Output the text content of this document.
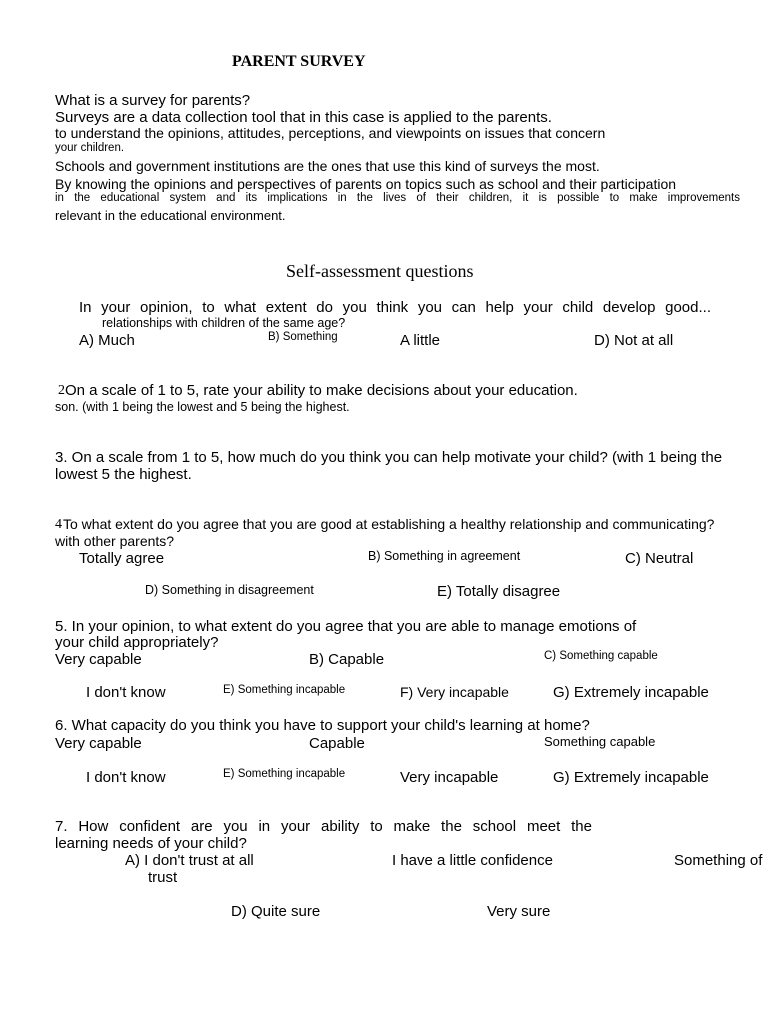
PARENT SURVEY
What is a survey for parents?
Surveys are a data collection tool that in this case is applied to the parents.
to understand the opinions, attitudes, perceptions, and viewpoints on issues that concern
your children.
Schools and government institutions are the ones that use this kind of surveys the most.
By knowing the opinions and perspectives of parents on topics such as school and their participation
in the educational system and its implications in the lives of their children, it is possible to make improvements
relevant in the educational environment.
Self-assessment questions
In your opinion, to what extent do you think you can help your child develop good...
relationships with children of the same age?
A) Much	B) Something	A little	D) Not at all
2 On a scale of 1 to 5, rate your ability to make decisions about your education.
son. (with 1 being the lowest and 5 being the highest.
3. On a scale from 1 to 5, how much do you think you can help motivate your child? (with 1 being the
lowest 5 the highest.
4 To what extent do you agree that you are good at establishing a healthy relationship and communicating?
with other parents?
Totally agree	B) Something in agreement	C) Neutral
D) Something in disagreement	E) Totally disagree
5. In your opinion, to what extent do you agree that you are able to manage emotions of
your child appropriately?
Very capable	B) Capable	C) Something capable
I don't know	E) Something incapable	F) Very incapable	G) Extremely incapable
6. What capacity do you think you have to support your child's learning at home?
Very capable	Capable	Something capable
I don't know	E) Something incapable	Very incapable	G) Extremely incapable
7. How confident are you in your ability to make the school meet the
learning needs of your child?
A) I don't trust at all	I have a little confidence	Something of
trust
D) Quite sure	Very sure
